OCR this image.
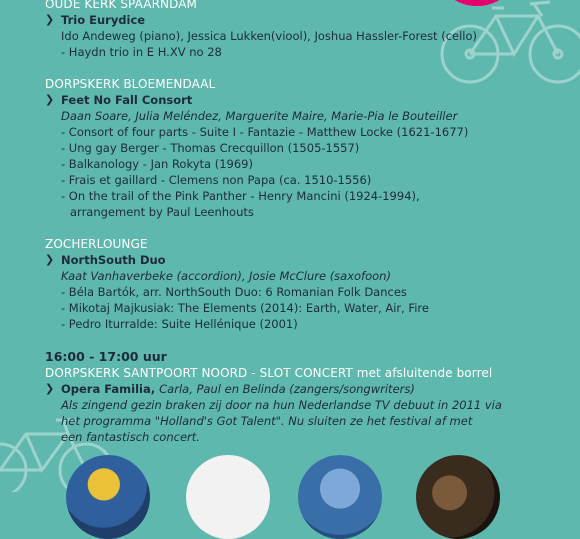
OUDE KERK SPAARNDAM
❯ Trio Eurydice
Ido Andeweg (piano), Jessica Lukken(viool), Joshua Hassler-Forest (cello)
- Haydn trio in E H.XV no 28
DORPSKERK BLOEMENDAAL
❯ Feet No Fall Consort
Daan Soare, Julia Meléndez, Marguerite Maire, Marie-Pia le Bouteiller
- Consort of four parts - Suite I - Fantazie - Matthew Locke (1621-1677)
- Ung gay Berger - Thomas Crecquillon (1505-1557)
- Balkanology - Jan Rokyta (1969)
- Frais et gaillard - Clemens non Papa (ca. 1510-1556)
- On the trail of the Pink Panther - Henry Mancini (1924-1994),
arrangement by Paul Leenhouts
ZOCHERLOUNGE
❯ NorthSouth Duo
Kaat Vanhaverbeke (accordion), Josie McClure (saxofoon)
- Béla Bartók, arr. NorthSouth Duo: 6 Romanian Folk Dances
- Mikotaj Majkusiak: The Elements (2014): Earth, Water, Air, Fire
- Pedro Iturralde: Suite Hellénique (2001)
16:00 - 17:00 uur
DORPSKERK SANTPOORT NOORD - SLOT CONCERT met afsluitende borrel
❯ Opera Familia, Carla, Paul en Belinda (zangers/songwriters)
Als zingend gezin braken zij door na hun Nederlandse TV debuut in 2011 via
het programma "Holland's Got Talent". Nu sluiten ze het festival af met
een fantastisch concert.
